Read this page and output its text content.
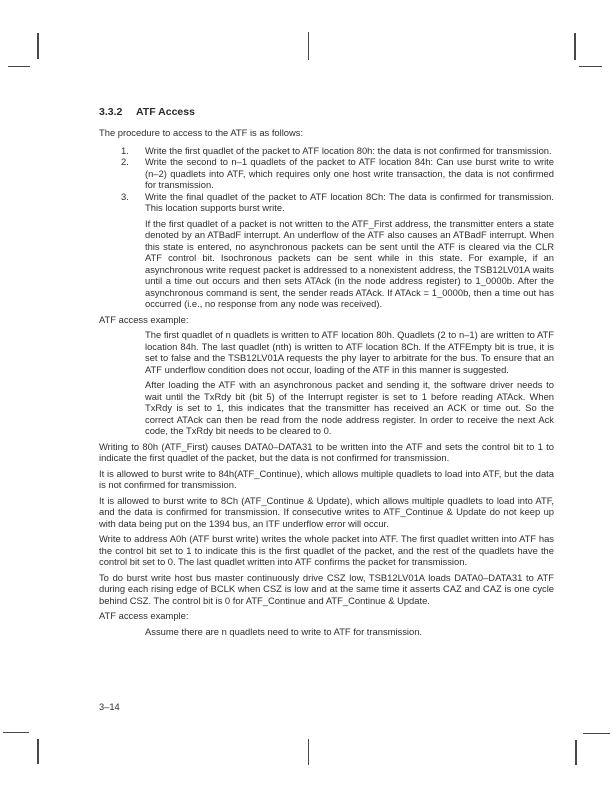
3.3.2 ATF Access

The procedure to access to the ATF is as follows:

1. Write the first quadlet of the packet to ATF location 80h: the data is not confirmed for transmission.
2. Write the second to n–1 quadlets of the packet to ATF location 84h: Can use burst write to write (n–2) quadlets into ATF, which requires only one host write transaction, the data is not confirmed for transmission.
3. Write the final quadlet of the packet to ATF location 8Ch: The data is confirmed for transmission. This location supports burst write.

If the first quadlet of a packet is not written to the ATF_First address, the transmitter enters a state denoted by an ATBadF interrupt. An underflow of the ATF also causes an ATBadF interrupt. When this state is entered, no asynchronous packets can be sent until the ATF is cleared via the CLR ATF control bit. Isochronous packets can be sent while in this state. For example, if an asynchronous write request packet is addressed to a nonexistent address, the TSB12LV01A waits until a time out occurs and then sets ATAck (in the node address register) to 1_0000b. After the asynchronous command is sent, the sender reads ATAck. If ATAck = 1_0000b, then a time out has occurred (i.e., no response from any node was received).

ATF access example:

The first quadlet of n quadlets is written to ATF location 80h. Quadlets (2 to n–1) are written to ATF location 84h. The last quadlet (nth) is written to ATF location 8Ch. If the ATFEmpty bit is true, it is set to false and the TSB12LV01A requests the phy layer to arbitrate for the bus. To ensure that an ATF underflow condition does not occur, loading of the ATF in this manner is suggested.

After loading the ATF with an asynchronous packet and sending it, the software driver needs to wait until the TxRdy bit (bit 5) of the Interrupt register is set to 1 before reading ATAck. When TxRdy is set to 1, this indicates that the transmitter has received an ACK or time out. So the correct ATAck can then be read from the node address register. In order to receive the next Ack code, the TxRdy bit needs to be cleared to 0.

Writing to 80h (ATF_First) causes DATA0–DATA31 to be written into the ATF and sets the control bit to 1 to indicate the first quadlet of the packet, but the data is not confirmed for transmission.

It is allowed to burst write to 84h(ATF_Continue), which allows multiple quadlets to load into ATF, but the data is not confirmed for transmission.

It is allowed to burst write to 8Ch (ATF_Continue & Update), which allows multiple quadlets to load into ATF, and the data is confirmed for transmission. If consecutive writes to ATF_Continue & Update do not keep up with data being put on the 1394 bus, an ITF underflow error will occur.

Write to address A0h (ATF burst write) writes the whole packet into ATF. The first quadlet written into ATF has the control bit set to 1 to indicate this is the first quadlet of the packet, and the rest of the quadlets have the control bit set to 0. The last quadlet written into ATF confirms the packet for transmission.

To do burst write host bus master continuously drive CSZ low, TSB12LV01A loads DATA0–DATA31 to ATF during each rising edge of BCLK when CSZ is low and at the same time it asserts CAZ and CAZ is one cycle behind CSZ. The control bit is 0 for ATF_Continue and ATF_Continue & Update.

ATF access example:

Assume there are n quadlets need to write to ATF for transmission.

3–14
